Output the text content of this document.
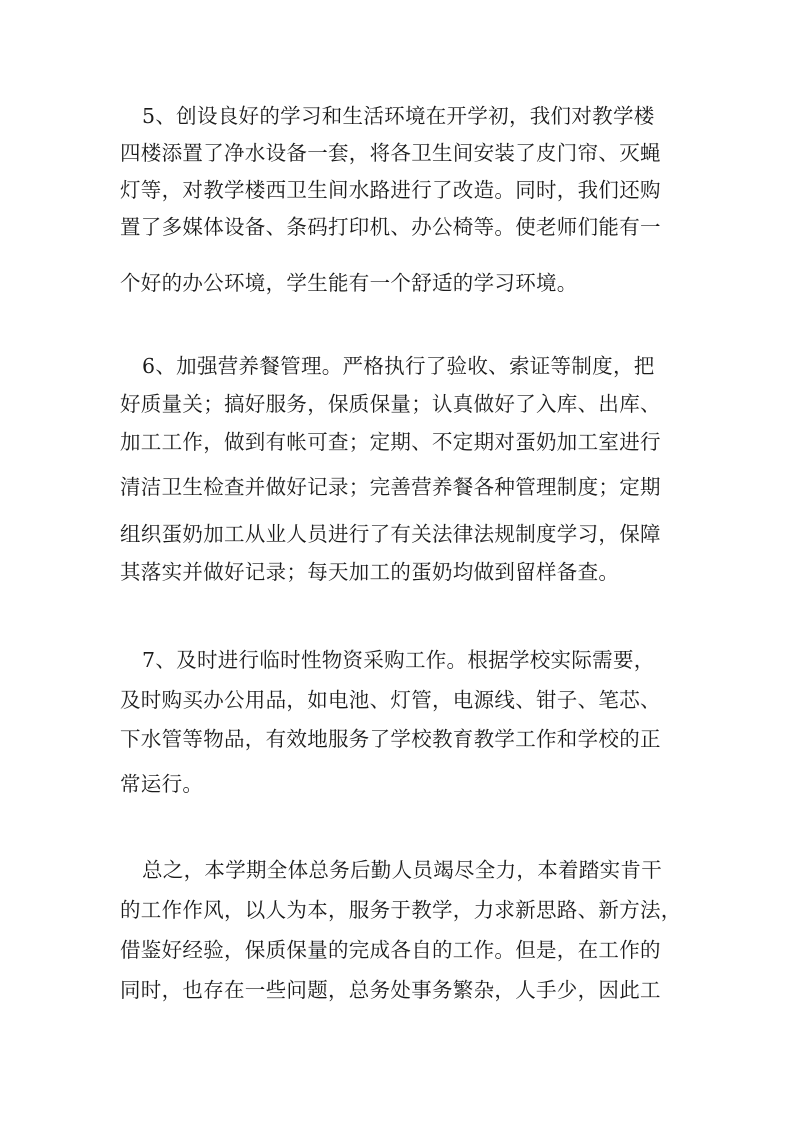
5、创设良好的学习和生活环境在开学初，我们对教学楼
四楼添置了净水设备一套，将各卫生间安装了皮门帘、灭蝇
灯等，对教学楼西卫生间水路进行了改造。同时，我们还购
置了多媒体设备、条码打印机、办公椅等。使老师们能有一
个好的办公环境，学生能有一个舒适的学习环境。
6、加强营养餐管理。严格执行了验收、索证等制度，把
好质量关；搞好服务，保质保量；认真做好了入库、出库、
加工工作，做到有帐可查；定期、不定期对蛋奶加工室进行
清洁卫生检查并做好记录；完善营养餐各种管理制度；定期
组织蛋奶加工从业人员进行了有关法律法规制度学习，保障
其落实并做好记录；每天加工的蛋奶均做到留样备查。
7、及时进行临时性物资采购工作。根据学校实际需要，
及时购买办公用品，如电池、灯管，电源线、钳子、笔芯、
下水管等物品，有效地服务了学校教育教学工作和学校的正
常运行。
总之，本学期全体总务后勤人员竭尽全力，本着踏实肯干
的工作作风，以人为本，服务于教学，力求新思路、新方法，
借鉴好经验，保质保量的完成各自的工作。但是，在工作的
同时，也存在一些问题，总务处事务繁杂，人手少，因此工
